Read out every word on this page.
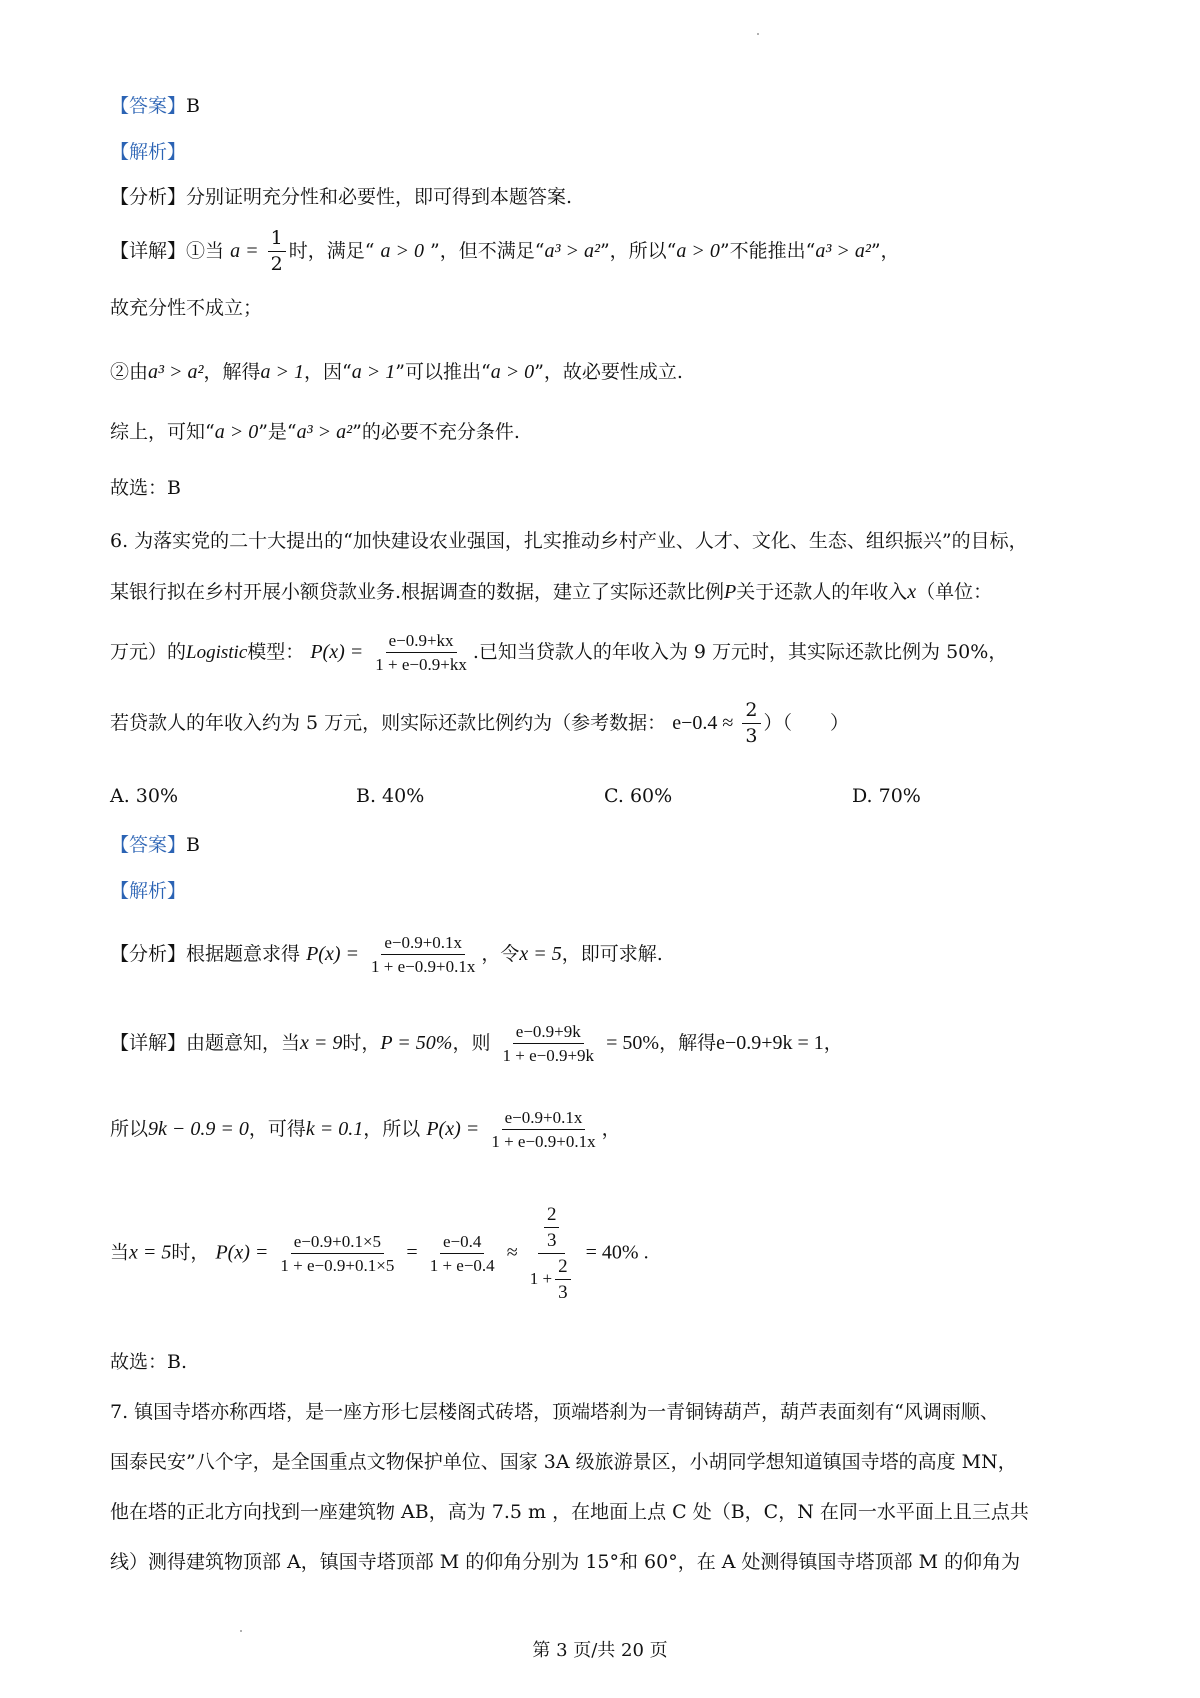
【答案】B
【解析】
【分析】分别证明充分性和必要性，即可得到本题答案.
【详解】①当 $a = \frac{1}{2}$ 时，满足“ a > 0 ”，但不满足“a³ > a²”，所以“a > 0”不能推出“a³ > a²”，
故充分性不成立；
②由a³ > a²，解得a > 1，因“a > 1”可以推出“a > 0”，故必要性成立.
综上，可知“a > 0”是“a³ > a²”的必要不充分条件.
故选：B
6. 为落实党的二十大提出的“加快建设农业强国，扎实推动乡村产业、人才、文化、生态、组织振兴”的目标，
某银行拟在乡村开展小额贷款业务.根据调查的数据，建立了实际还款比例P关于还款人的年收入x（单位：
万元）的Logistic模型： $P(x) = \frac{e-0.9+kx}{1 + e-0.9+kx}$ .已知当贷款人的年收入为 9 万元时，其实际还款比例为 50%，
若贷款人的年收入约为 5 万元，则实际还款比例约为（参考数据： $e-0.4 \approx \frac{2}{3}$ ）（　　）
A. 30%	B. 40%	C. 60%	D. 70%
【答案】B
【解析】
【分析】根据题意求得 $P(x) = \frac{e-0.9+0.1x}{1 + e-0.9+0.1x}$ ，令x = 5，即可求解.
【详解】由题意知，当x = 9时，P = 50%，则 $\frac{e-0.9+9k}{1 + e-0.9+9k} = 50\%$，解得e−0.9+9k = 1，
所以9k − 0.9 = 0，可得k = 0.1，所以 $P(x) = \frac{e-0.9+0.1x}{1 + e-0.9+0.1x}$ ，
当x = 5时， $P(x) = \frac{e-0.9+0.1\times 5}{1 + e-0.9+0.1\times 5} = \frac{e-0.4}{1 + e-0.4} \approx \frac{\frac{2}{3}}{1 + \frac{2}{3}} = 40\%$ .
故选：B.
7. 镇国寺塔亦称西塔，是一座方形七层楼阁式砖塔，顶端塔刹为一青铜铸葫芦，葫芦表面刻有“风调雨顺、
国泰民安”八个字，是全国重点文物保护单位、国家 3A 级旅游景区，小胡同学想知道镇国寺塔的高度 MN，
他在塔的正北方向找到一座建筑物 AB，高为 7.5 m ，在地面上点 C 处（B，C，N 在同一水平面上且三点共
线）测得建筑物顶部 A，镇国寺塔顶部 M 的仰角分别为 15°和 60°，在 A 处测得镇国寺塔顶部 M 的仰角为
第 3 页/共 20 页
